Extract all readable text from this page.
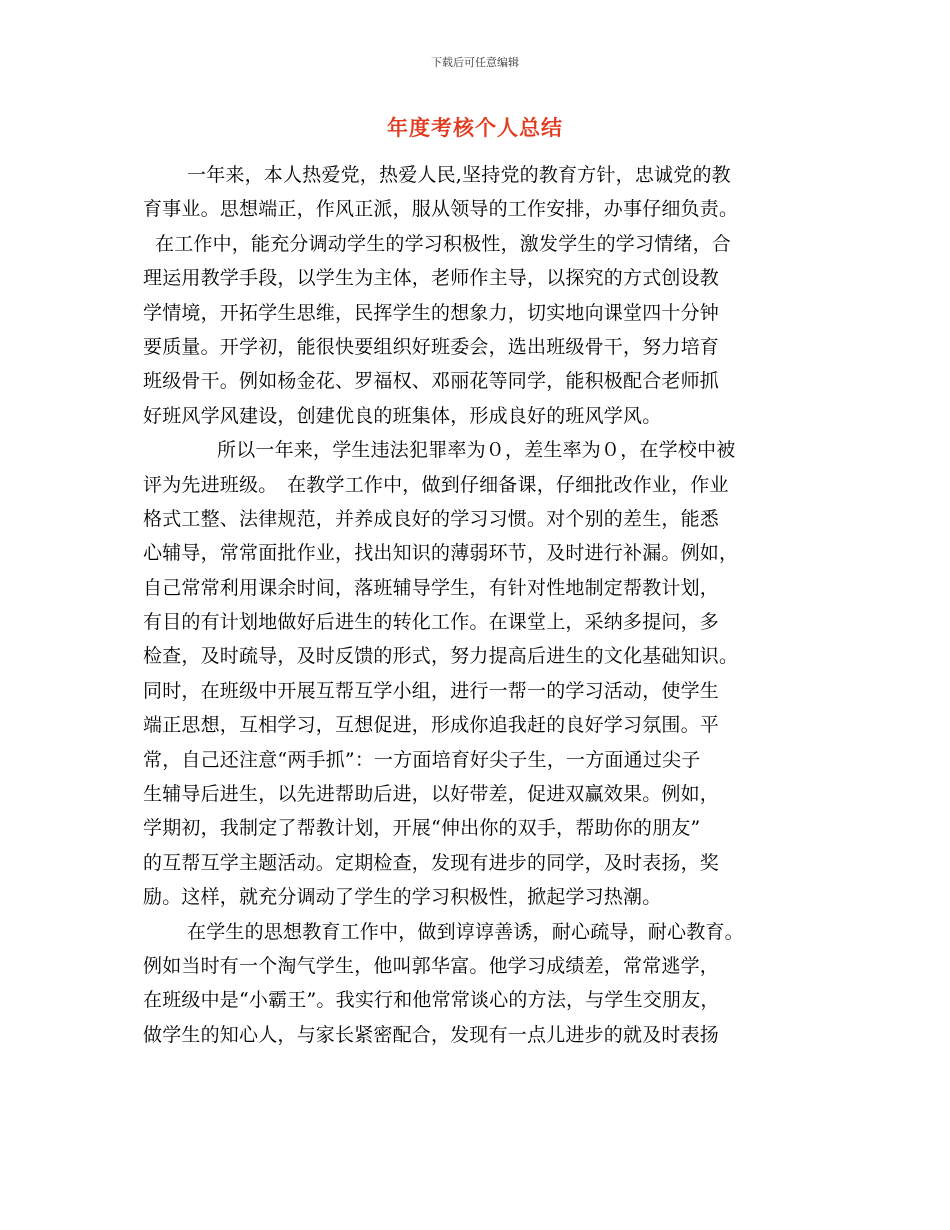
下载后可任意编辑
年度考核个人总结
一年来，本人热爱党，热爱人民,坚持党的教育方针，忠诚党的教
育事业。思想端正，作风正派，服从领导的工作安排，办事仔细负责。
在工作中，能充分调动学生的学习积极性，激发学生的学习情绪，合
理运用教学手段，以学生为主体，老师作主导，以探究的方式创设教
学情境，开拓学生思维，民挥学生的想象力，切实地向课堂四十分钟
要质量。开学初，能很快要组织好班委会，选出班级骨干，努力培育
班级骨干。例如杨金花、罗福权、邓丽花等同学，能积极配合老师抓
好班风学风建设，创建优良的班集体，形成良好的班风学风。
所以一年来，学生违法犯罪率为０，差生率为０，在学校中被
评为先进班级。　在教学工作中，做到仔细备课，仔细批改作业，作业
格式工整、法律规范，并养成良好的学习习惯。对个别的差生，能悉
心辅导，常常面批作业，找出知识的薄弱环节，及时进行补漏。例如，
自己常常利用课余时间，落班辅导学生，有针对性地制定帮教计划，
有目的有计划地做好后进生的转化工作。在课堂上，采纳多提问，多
检查，及时疏导，及时反馈的形式，努力提高后进生的文化基础知识。
同时，在班级中开展互帮互学小组，进行一帮一的学习活动，使学生
端正思想，互相学习，互想促进，形成你追我赶的良好学习氛围。平
常，自己还注意“两手抓”：一方面培育好尖子生，一方面通过尖子
生辅导后进生，以先进帮助后进，以好带差，促进双赢效果。例如，
学期初，我制定了帮教计划，开展“伸出你的双手，帮助你的朋友”
的互帮互学主题活动。定期检查，发现有进步的同学，及时表扬，奖
励。这样，就充分调动了学生的学习积极性，掀起学习热潮。
在学生的思想教育工作中，做到谆谆善诱，耐心疏导，耐心教育。
例如当时有一个淘气学生，他叫郭华富。他学习成绩差，常常逃学，
在班级中是“小霸王”。我实行和他常常谈心的方法，与学生交朋友，
做学生的知心人，与家长紧密配合，发现有一点儿进步的就及时表扬
